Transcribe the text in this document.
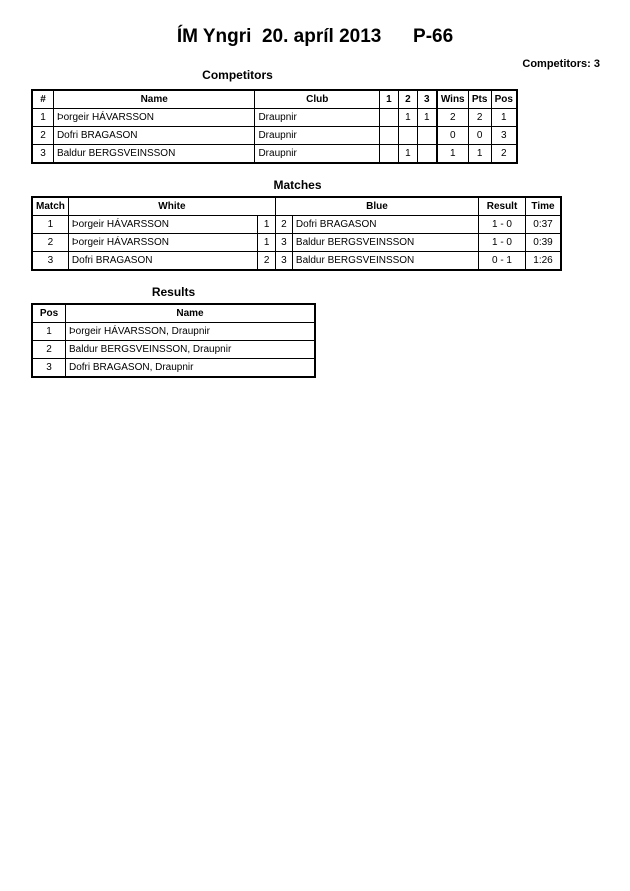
ÍM Yngri  20. apríl 2013      P-66
Competitors: 3
Competitors
#	Name	Club	1	2	3	Wins	Pts	Pos
1	Þorgeir HÁVARSSON	Draupnir		1	1	2	2	1
2	Dofri BRAGASON	Draupnir				0	0	3
3	Baldur BERGSVEINSSON	Draupnir		1		1	1	2
Matches
Match	White		Blue		Result	Time
1	Þorgeir HÁVARSSON	1	2	Dofri BRAGASON	1 - 0	0:37
2	Þorgeir HÁVARSSON	1	3	Baldur BERGSVEINSSON	1 - 0	0:39
3	Dofri BRAGASON	2	3	Baldur BERGSVEINSSON	0 - 1	1:26
Results
Pos	Name
1	Þorgeir HÁVARSSON, Draupnir
2	Baldur BERGSVEINSSON, Draupnir
3	Dofri BRAGASON, Draupnir
